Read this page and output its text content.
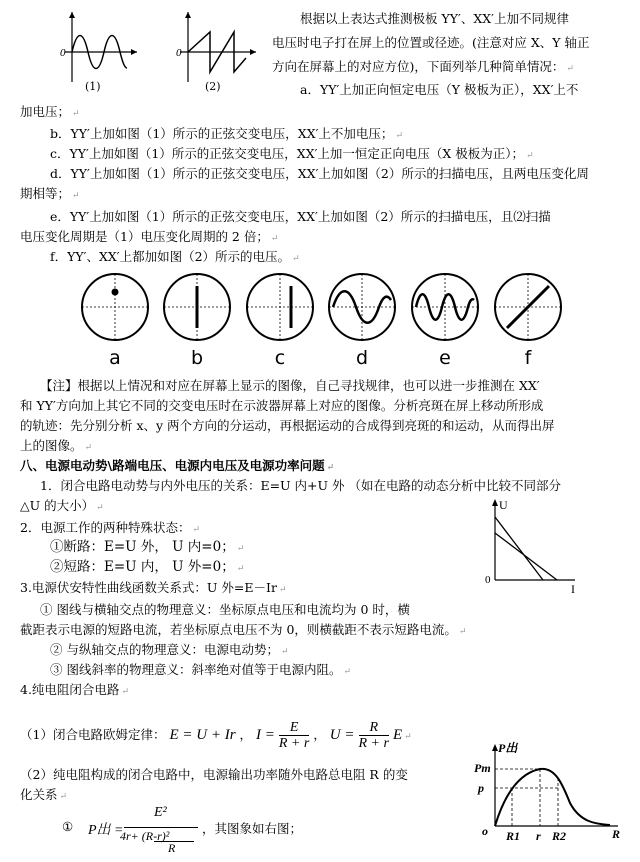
0
(1)
0
(2)
根据以上表达式推测极板 YY′、XX′上加不同规律
电压时电子打在屏上的位置或径迹。(注意对应 X、Y 轴正
方向在屏幕上的对应方位)，下面列举几种简单情况： ↵
a．YY′上加正向恒定电压（Y 极板为正），XX′上不
加电压； ↵
b．YY′上加如图（1）所示的正弦交变电压，XX′上不加电压； ↵
c．YY′上加如图（1）所示的正弦交变电压，XX′上加一恒定正向电压（X 极板为正）； ↵
d．YY′上加如图（1）所示的正弦交变电压，XX′上加如图（2）所示的扫描电压，且两电压变化周
期相等； ↵
e．YY′上加如图（1）所示的正弦交变电压，XX′上加如图（2）所示的扫描电压，且⑵扫描
电压变化周期是（1）电压变化周期的 2 倍； ↵
f．YY′、XX′上都加如图（2）所示的电压。 ↵
a	b	c	d	e	f
【注】根据以上情况和对应在屏幕上显示的图像，自己寻找规律，也可以进一步推测在 XX′
和 YY′方向加上其它不同的交变电压时在示波器屏幕上对应的图像。分析亮斑在屏上移动所形成
的轨迹：先分别分析 x、y 两个方向的分运动，再根据运动的合成得到亮斑的和运动，从而得出屏
上的图像。 ↵
八、电源电动势\路端电压、电源内电压及电源功率问题 ↵
1．闭合电路电动势与内外电压的关系：E=U 内+U 外 （如在电路的动态分析中比较不同部分
△U 的大小） ↵
2．电源工作的两种特殊状态： ↵
①断路：E=U 外， U 内=0； ↵
②短路：E=U 内， U 外=0； ↵
3.电源伏安特性曲线函数关系式：U 外=E－Ir ↵
① 图线与横轴交点的物理意义：坐标原点电压和电流均为 0 时，横
截距表示电源的短路电流，若坐标原点电压不为 0，则横截距不表示短路电流。 ↵
② 与纵轴交点的物理意义：电源电动势； ↵
③ 图线斜率的物理意义：斜率绝对值等于电源内阻。 ↵
4.纯电阻闭合电路 ↵
（1）闭合电路欧姆定律： E = U + Ir ， $I = \frac{E}{R + r}$ ， $U = \frac{R}{R + r}$ E ↵
（2）纯电阻构成的闭合电路中，电源输出功率随外电路总电阻 R 的变
化关系 ↵
① P出 =
E²
4r+ (R-r)²
R
，其图象如右图；
U
I
0
P出
Pm
p
o R1 r R2	R
